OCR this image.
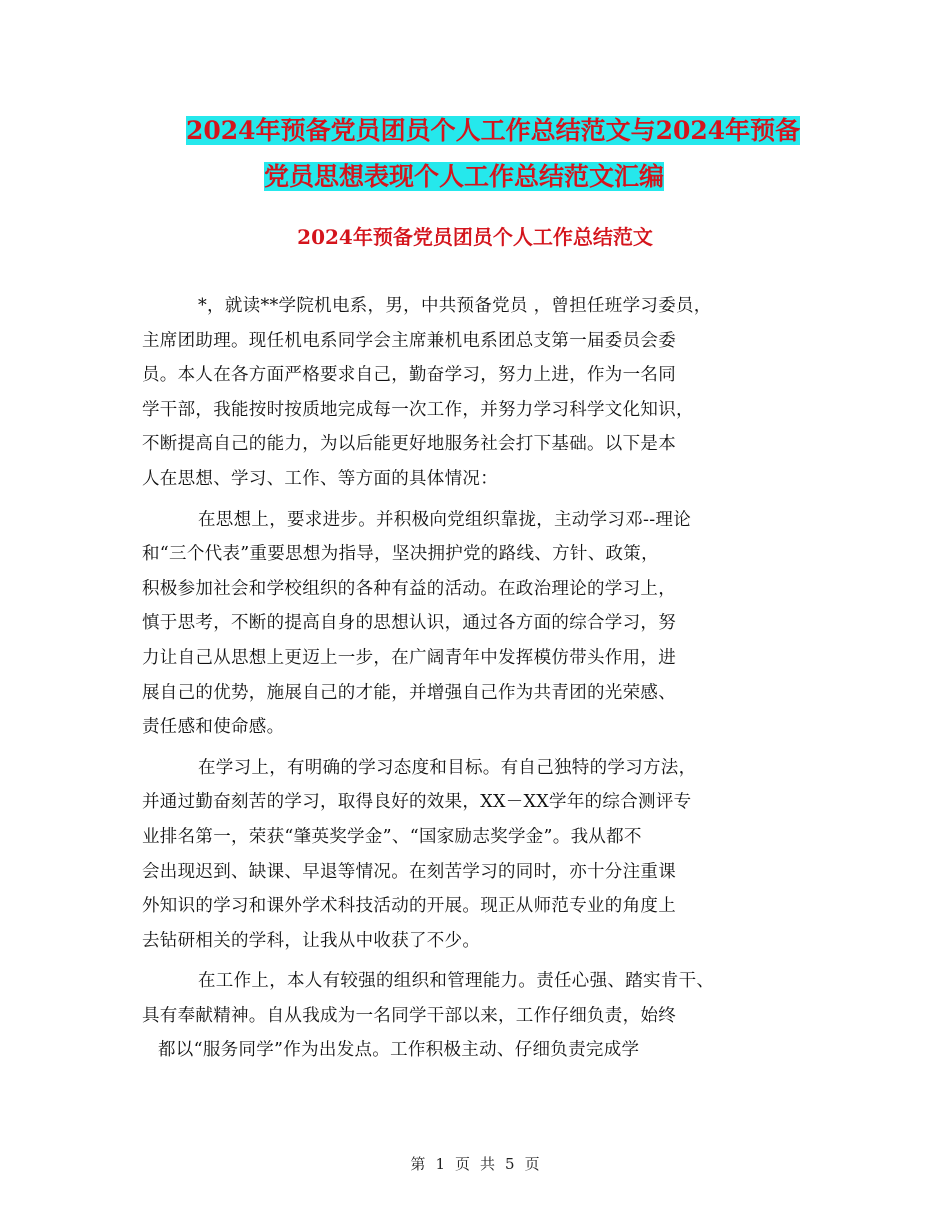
2024年预备党员团员个人工作总结范文与2024年预备
党员思想表现个人工作总结范文汇编
2024年预备党员团员个人工作总结范文

*，就读**学院机电系，男，中共预备党员 ，曾担任班学习委员，
主席团助理。现任机电系同学会主席兼机电系团总支第一届委员会委
员。本人在各方面严格要求自己，勤奋学习，努力上进，作为一名同
学干部，我能按时按质地完成每一次工作，并努力学习科学文化知识，
不断提高自己的能力，为以后能更好地服务社会打下基础。以下是本
人在思想、学习、工作、等方面的具体情况：

在思想上，要求进步。并积极向党组织靠拢，主动学习邓--理论
和“三个代表”重要思想为指导，坚决拥护党的路线、方针、政策，
积极参加社会和学校组织的各种有益的活动。在政治理论的学习上，
慎于思考，不断的提高自身的思想认识，通过各方面的综合学习，努
力让自己从思想上更迈上一步，在广阔青年中发挥模仿带头作用，进
展自己的优势，施展自己的才能，并增强自己作为共青团的光荣感、
责任感和使命感。

在学习上，有明确的学习态度和目标。有自己独特的学习方法，
并通过勤奋刻苦的学习，取得良好的效果，XX－XX学年的综合测评专
业排名第一，荣获“肇英奖学金”、“国家励志奖学金”。我从都不
会出现迟到、缺课、早退等情况。在刻苦学习的同时，亦十分注重课
外知识的学习和课外学术科技活动的开展。现正从师范专业的角度上
去钻研相关的学科，让我从中收获了不少。

在工作上，本人有较强的组织和管理能力。责任心强、踏实肯干、
具有奉献精神。自从我成为一名同学干部以来，工作仔细负责，始终
都以“服务同学”作为出发点。工作积极主动、仔细负责完成学

第 1 页 共 5 页
